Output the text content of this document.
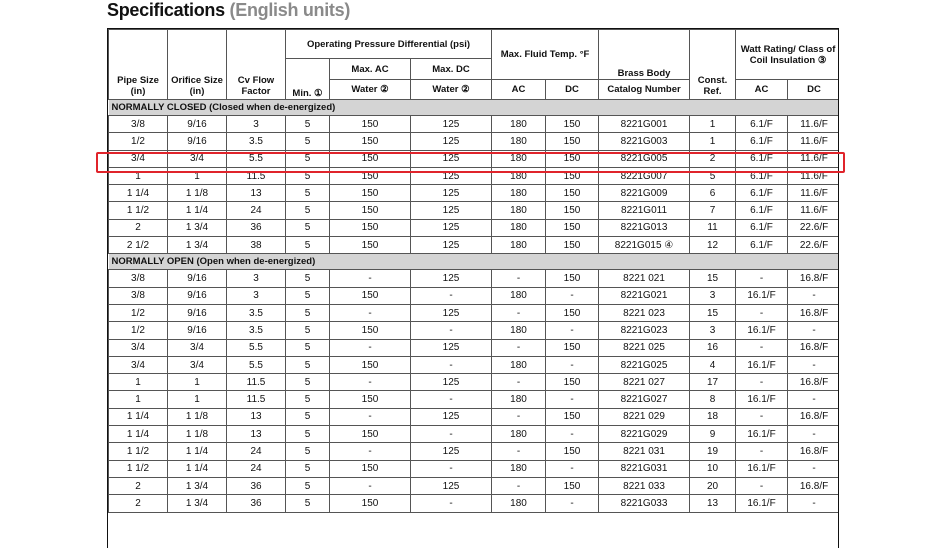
Specifications (English units)
Pipe Size (in)	Orifice Size (in)	Cv Flow Factor	Operating Pressure Differential (psi)			Max. Fluid Temp. °F		Brass Body	Const. Ref.	Watt Rating/ Class of Coil Insulation ③	
			Min. ①	Max. AC	Max. DC						
				Water ②	Water ②	AC	DC	Catalog Number		AC	DC
NORMALLY CLOSED (Closed when de-energized)											
3/8	9/16	3	5	150	125	180	150	8221G001	1	6.1/F	11.6/F
1/2	9/16	3.5	5	150	125	180	150	8221G003	1	6.1/F	11.6/F
3/4	3/4	5.5	5	150	125	180	150	8221G005	2	6.1/F	11.6/F
1	1	11.5	5	150	125	180	150	8221G007	5	6.1/F	11.6/F
1 1/4	1 1/8	13	5	150	125	180	150	8221G009	6	6.1/F	11.6/F
1 1/2	1 1/4	24	5	150	125	180	150	8221G011	7	6.1/F	11.6/F
2	1 3/4	36	5	150	125	180	150	8221G013	11	6.1/F	22.6/F
2 1/2	1 3/4	38	5	150	125	180	150	8221G015 ④	12	6.1/F	22.6/F
NORMALLY OPEN (Open when de-energized)											
3/8	9/16	3	5	-	125	-	150	8221 021	15	-	16.8/F
3/8	9/16	3	5	150	-	180	-	8221G021	3	16.1/F	-
1/2	9/16	3.5	5	-	125	-	150	8221 023	15	-	16.8/F
1/2	9/16	3.5	5	150	-	180	-	8221G023	3	16.1/F	-
3/4	3/4	5.5	5	-	125	-	150	8221 025	16	-	16.8/F
3/4	3/4	5.5	5	150	-	180	-	8221G025	4	16.1/F	-
1	1	11.5	5	-	125	-	150	8221 027	17	-	16.8/F
1	1	11.5	5	150	-	180	-	8221G027	8	16.1/F	-
1 1/4	1 1/8	13	5	-	125	-	150	8221 029	18	-	16.8/F
1 1/4	1 1/8	13	5	150	-	180	-	8221G029	9	16.1/F	-
1 1/2	1 1/4	24	5	-	125	-	150	8221 031	19	-	16.8/F
1 1/2	1 1/4	24	5	150	-	180	-	8221G031	10	16.1/F	-
2	1 3/4	36	5	-	125	-	150	8221 033	20	-	16.8/F
2	1 3/4	36	5	150	-	180	-	8221G033	13	16.1/F	-
